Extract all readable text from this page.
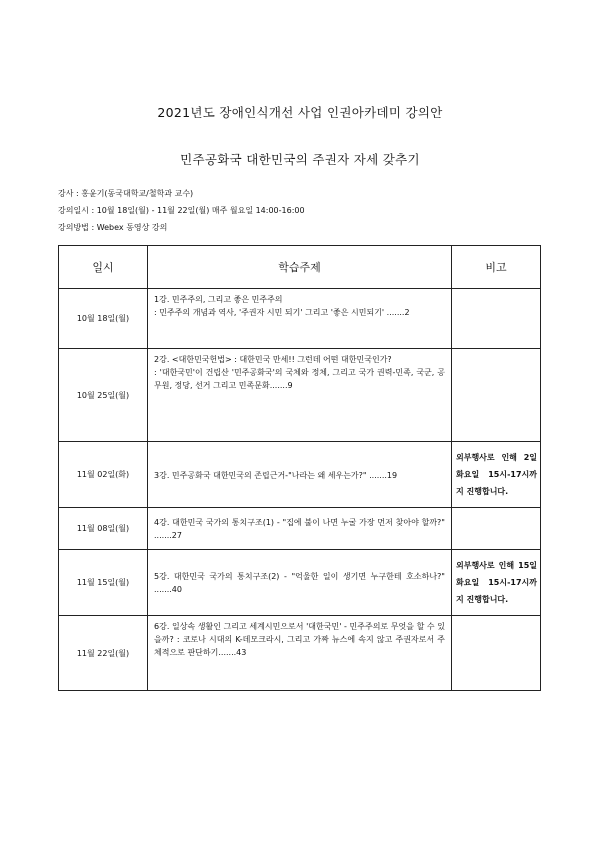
2021년도 장애인식개선 사업 인권아카데미 강의안
민주공화국 대한민국의 주권자 자세 갖추기
강사 : 홍윤기(동국대학교/철학과 교수)
강의일시 : 10월 18일(월) - 11월 22일(월) 매주 월요일 14:00-16:00
강의방법 : Webex 동영상 강의
일시	학습주제	비고
10월 18일(월)	1강. 민주주의, 그리고 좋은 민주주의
: 민주주의 개념과 역사, '주권자 시민 되기' 그리고 '좋은 시민되기' .......2	

10월 25일(월)	2강. <대한민국헌법> : 대한민국 만세!! 그런데 어떤 대한민국인가?
: '대한국민'이 건립산 '민주공화국'의 국체와 정체, 그리고 국가 권력-민족, 국군, 공무원, 정당, 선거 그리고 민족문화.......9	

11월 02일(화)	3강. 민주공화국 대한민국의 존립근거-"나라는 왜 세우는가?" .......19	외부행사로 인해 2일 화요일 15시-17시까지 진행합니다.
11월 08일(월)	4강. 대한민국 국가의 통치구조(1) - "집에 불이 나면 누굴 가장 먼저 찾아야 할까?" .......27	

11월 15일(월)	5강. 대한민국 국가의 통치구조(2) - "억울한 일이 생기면 누구한테 호소하나?" .......40	외부행사로 인해 15일 화요일 15시-17시까지 진행합니다.
11월 22일(월)	6강. 일상속 생활인 그리고 세계시민으로서 '대한국민' - 민주주의로 무엇을 할 수 있을까? : 코로나 시대의 K-데모크라시, 그리고 가짜 뉴스에 속지 않고 주권자로서 주체적으로 판단하기.......43	
